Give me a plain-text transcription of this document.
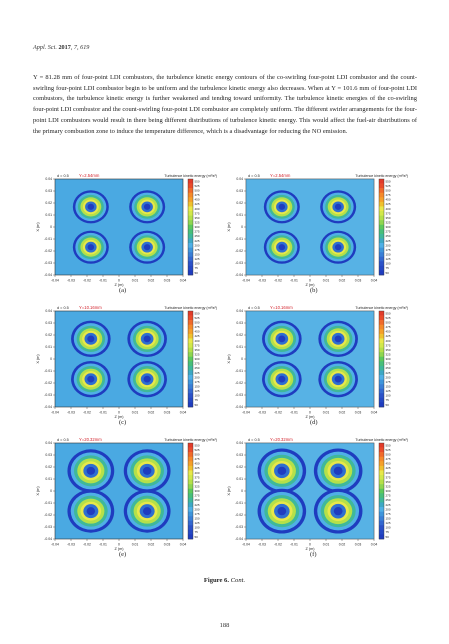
Appl. Sci. 2017, 7, 619
Y = 81.28 mm of four-point LDI combustors, the turbulence kinetic energy contours of the co-swirling four-point LDI combustor and the count-swirling four-point LDI combustor begin to be uniform and the turbulence kinetic energy also decreases. When at Y = 101.6 mm of four-point LDI combustors, the turbulence kinetic energy is further weakened and tending toward uniformity. The turbulence kinetic energies of the co-swirling four-point LDI combustor and the count-swirling four-point LDI combustor are completely uniform. The different swirler arrangements for the four-point LDI combustors would result in there being different distributions of turbulence kinetic energy. This would affect the fuel-air distributions of the primary combustion zone to induce the temperature difference, which is a disadvantage for reducing the NO emission.
-0.04 -0.03 -0.02 -0.01	0	0.01	0.02	0.03	0.04
0.04
0.03
0.02
0.01
0
-0.01
-0.02
-0.03
-0.04
Z (m)
X (m)
d = 0.5 Y=2.54mm	Turbulence kinetic energy (m²/s²)
550
525
500
475
450
425
400
375
350
325
300
275
250
225
200
175
150
125
100
75
50
(a)
-0.04 -0.03 -0.02 -0.01	0	0.01	0.02	0.03	0.04
0.04
0.03
0.02
0.01
0
-0.01
-0.02
-0.03
-0.04
Z (m)
X (m)
d = 0.5 Y=2.54mm	Turbulence kinetic energy (m²/s²)
550
525
500
475
450
425
400
375
350
325
300
275
250
225
200
175
150
125
100
75
50
(b)
-0.04 -0.03 -0.02 -0.01	0	0.01	0.02	0.03	0.04
0.04
0.03
0.02
0.01
0
-0.01
-0.02
-0.03
-0.04
Z (m)
X (m)
d = 0.5 Y=10.16mm	Turbulence kinetic energy (m²/s²)
550
525
500
475
450
425
400
375
350
325
300
275
250
225
200
175
150
125
100
75
50
(c)
-0.04 -0.03 -0.02 -0.01	0	0.01	0.02	0.03	0.04
0.04
0.03
0.02
0.01
0
-0.01
-0.02
-0.03
-0.04
Z (m)
X (m)
d = 0.5 Y=10.16mm	Turbulence kinetic energy (m²/s²)
550
525
500
475
450
425
400
375
350
325
300
275
250
225
200
175
150
125
100
75
50
(d)
-0.04 -0.03 -0.02 -0.01	0	0.01	0.02	0.03	0.04
0.04
0.03
0.02
0.01
0
-0.01
-0.02
-0.03
-0.04
Z (m)
X (m)
d = 0.5 Y=20.32mm	Turbulence kinetic energy (m²/s²)
550
525
500
475
450
425
400
375
350
325
300
275
250
225
200
175
150
125
100
75
50
(e)
-0.04 -0.03 -0.02 -0.01	0	0.01	0.02	0.03	0.04
0.04
0.03
0.02
0.01
0
-0.01
-0.02
-0.03
-0.04
Z (m)
X (m)
d = 0.5 Y=20.32mm	Turbulence kinetic energy (m²/s²)
550
525
500
475
450
425
400
375
350
325
300
275
250
225
200
175
150
125
100
75
50
(f)
Figure 6. Cont.
188
